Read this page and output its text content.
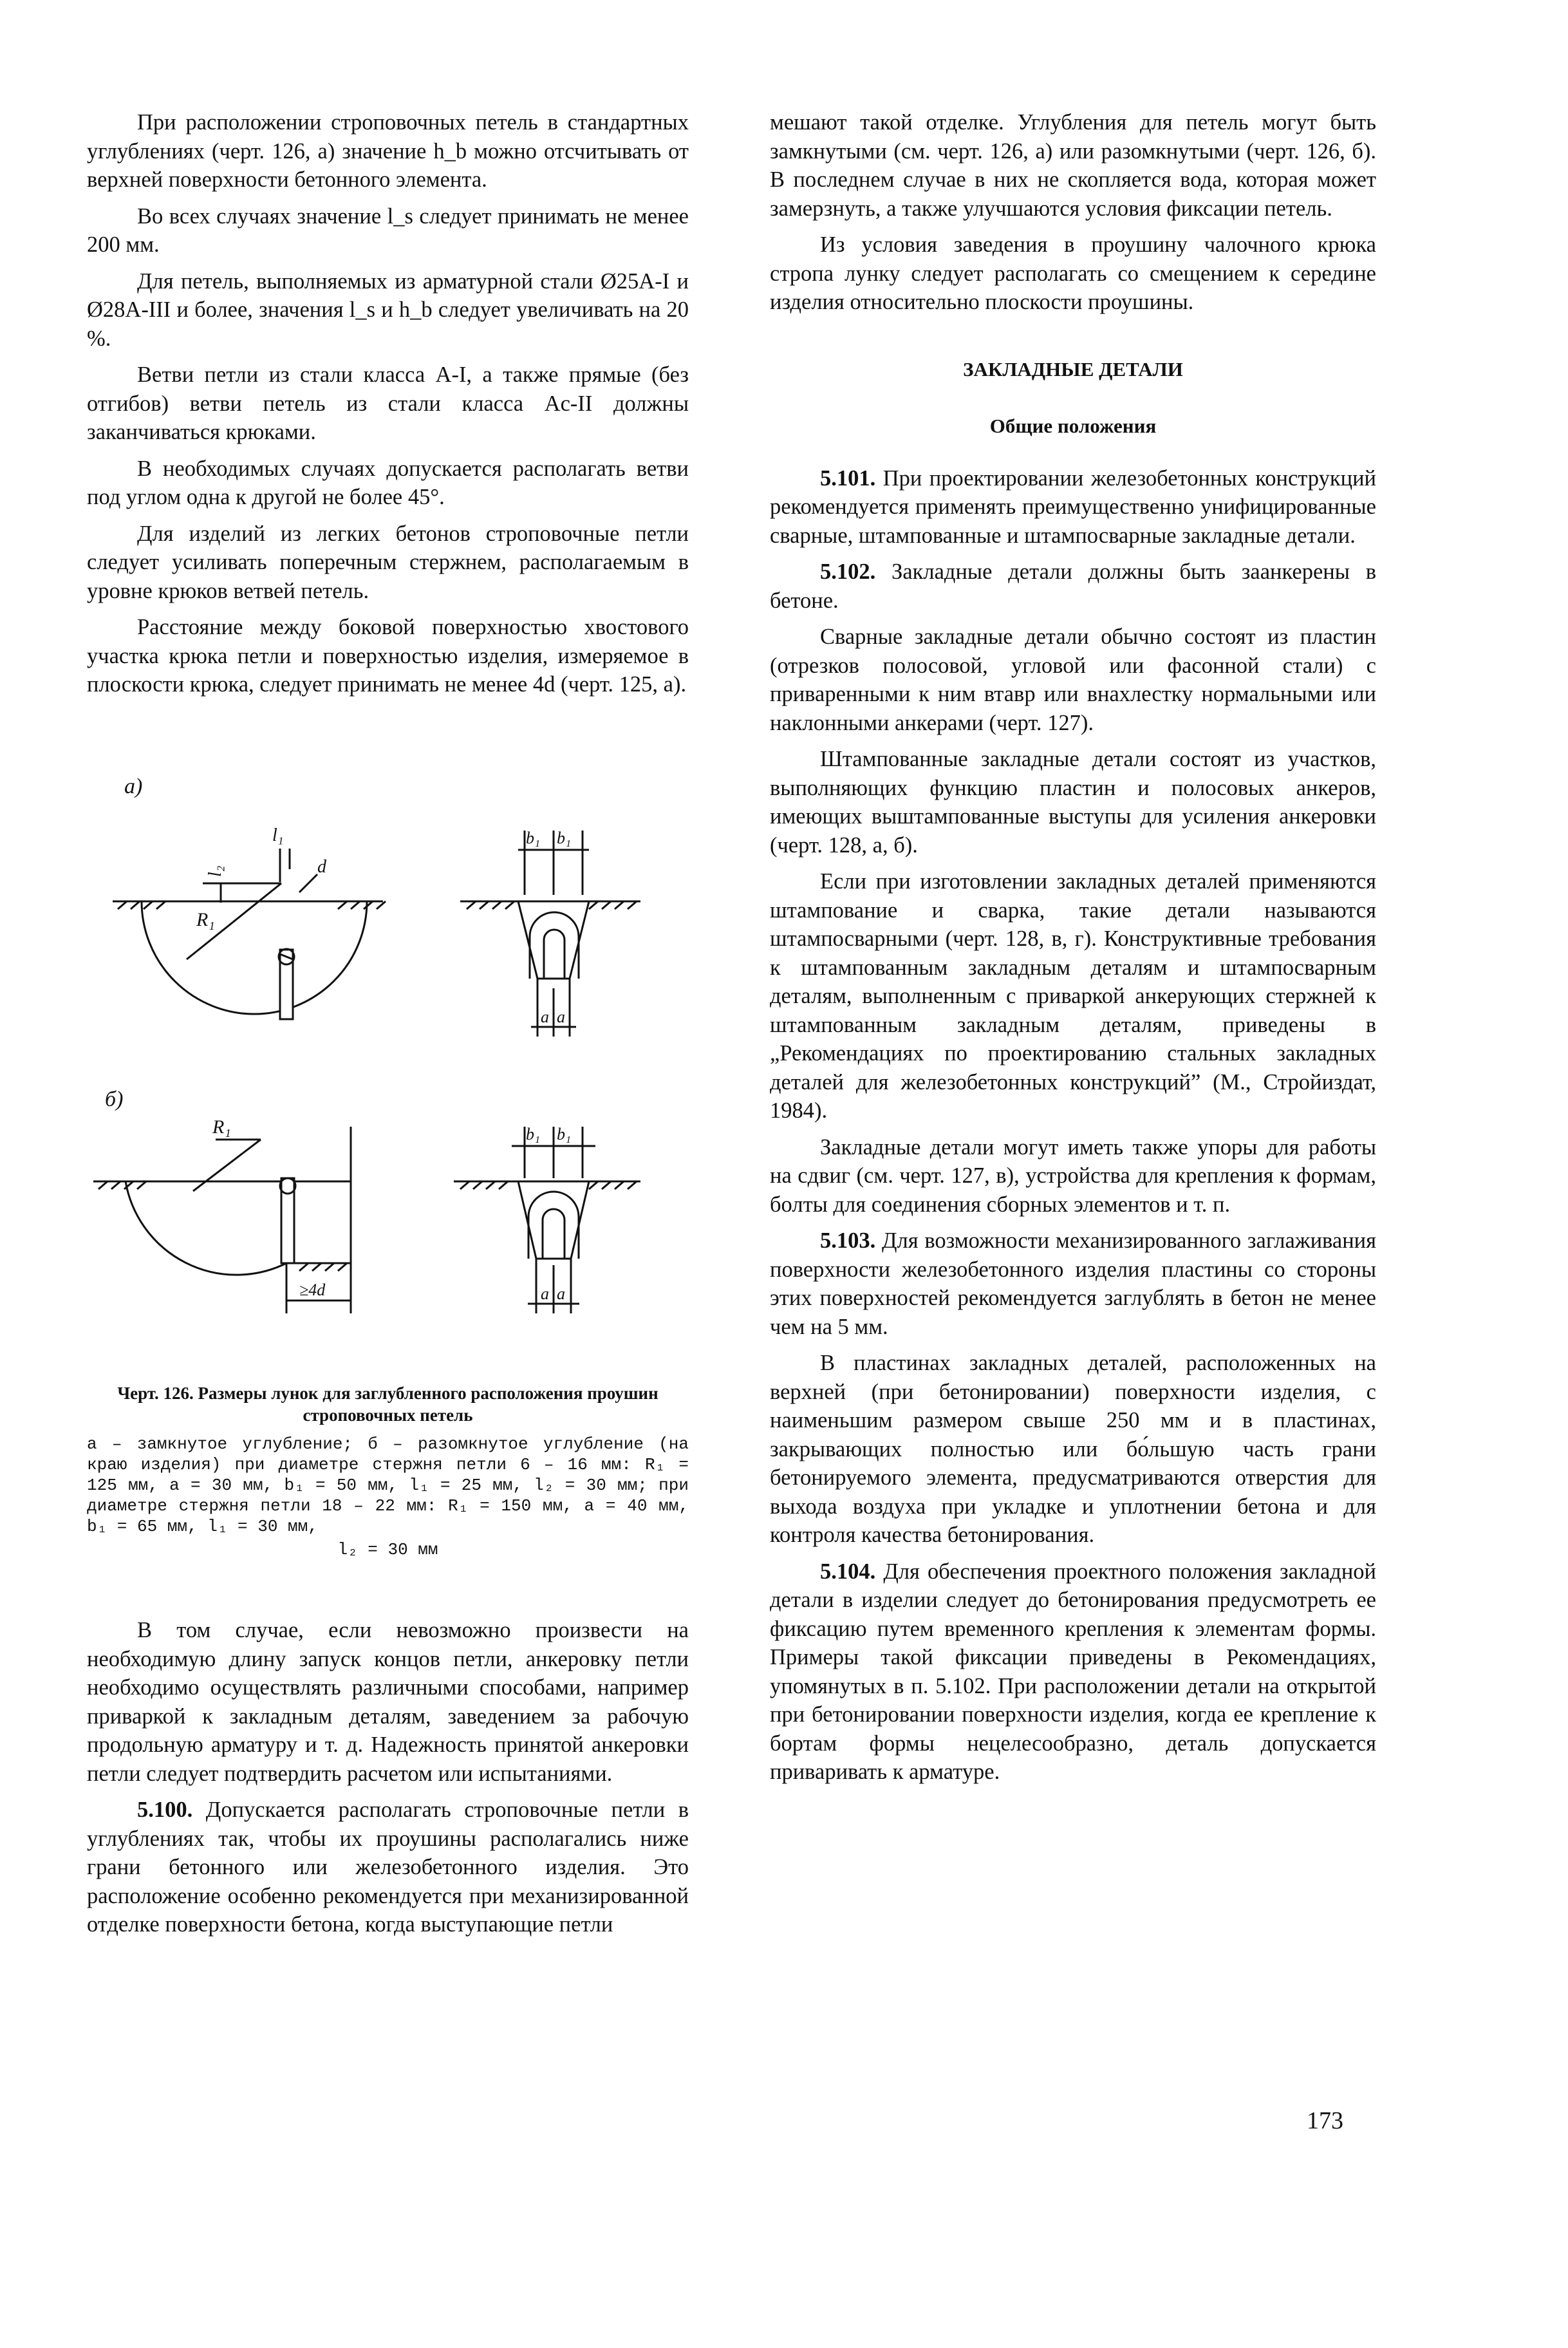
При расположении строповочных петель в стандартных углублениях (черт. 126, а) значение h_b можно отсчитывать от верхней поверхности бетонного элемента.

Во всех случаях значение l_s следует принимать не менее 200 мм.

Для петель, выполняемых из арматурной стали Ø25A-I и Ø28A-III и более, значения l_s и h_b следует увеличивать на 20 %.

Ветви петли из стали класса A-I, а также прямые (без отгибов) ветви петель из стали класса Ac-II должны заканчиваться крюками.

В необходимых случаях допускается располагать ветви под углом одна к другой не более 45°.

Для изделий из легких бетонов строповочные петли следует усиливать поперечным стержнем, располагаемым в уровне крюков ветвей петель.

Расстояние между боковой поверхностью хвостового участка крюка петли и поверхностью изделия, измеряемое в плоскости крюка, следует принимать не менее 4d (черт. 125, а).

а)
R₁
l₂
l₁
d
b₁ b₁
a a
б)
R₁
≥4d
b₁ b₁
a a

Черт. 126. Размеры лунок для заглубленного расположения проушин строповочных петель

а – замкнутое углубление; б – разомкнутое углубление (на краю изделия) при диаметре стержня петли 6 – 16 мм: R₁ = 125 мм, a = 30 мм, b₁ = 50 мм, l₁ = 25 мм, l₂ = 30 мм; при диаметре стержня петли 18 – 22 мм: R₁ = 150 мм, a = 40 мм, b₁ = 65 мм, l₁ = 30 мм,

l₂ = 30 мм

В том случае, если невозможно произвести на необходимую длину запуск концов петли, анкеровку петли необходимо осуществлять различными способами, например приваркой к закладным деталям, заведением за рабочую продольную арматуру и т. д. Надежность принятой анкеровки петли следует подтвердить расчетом или испытаниями.

5.100. Допускается располагать строповочные петли в углублениях так, чтобы их проушины располагались ниже грани бетонного или железобетонного изделия. Это расположение особенно рекомендуется при механизированной отделке поверхности бетона, когда выступающие петли

мешают такой отделке. Углубления для петель могут быть замкнутыми (см. черт. 126, а) или разомкнутыми (черт. 126, б). В последнем случае в них не скопляется вода, которая может замерзнуть, а также улучшаются условия фиксации петель.

Из условия заведения в проушину чалочного крюка стропа лунку следует располагать со смещением к середине изделия относительно плоскости проушины.

ЗАКЛАДНЫЕ ДЕТАЛИ

Общие положения

5.101. При проектировании железобетонных конструкций рекомендуется применять преимущественно унифицированные сварные, штампованные и штампосварные закладные детали.

5.102. Закладные детали должны быть заанкерены в бетоне.

Сварные закладные детали обычно состоят из пластин (отрезков полосовой, угловой или фасонной стали) с приваренными к ним втавр или внахлестку нормальными или наклонными анкерами (черт. 127).

Штампованные закладные детали состоят из участков, выполняющих функцию пластин и полосовых анкеров, имеющих выштампованные выступы для усиления анкеровки (черт. 128, а, б).

Если при изготовлении закладных деталей применяются штампование и сварка, такие детали называются штампосварными (черт. 128, в, г). Конструктивные требования к штампованным закладным деталям и штампосварным деталям, выполненным с приваркой анкерующих стержней к штампованным закладным деталям, приведены в „Рекомендациях по проектированию стальных закладных деталей для железобетонных конструкций” (М., Стройиздат, 1984).

Закладные детали могут иметь также упоры для работы на сдвиг (см. черт. 127, в), устройства для крепления к формам, болты для соединения сборных элементов и т. п.

5.103. Для возможности механизированного заглаживания поверхности железобетонного изделия пластины со стороны этих поверхностей рекомендуется заглублять в бетон не менее чем на 5 мм.

В пластинах закладных деталей, расположенных на верхней (при бетонировании) поверхности изделия, с наименьшим размером свыше 250 мм и в пластинах, закрывающих полностью или бо́льшую часть грани бетонируемого элемента, предусматриваются отверстия для выхода воздуха при укладке и уплотнении бетона и для контроля качества бетонирования.

5.104. Для обеспечения проектного положения закладной детали в изделии следует до бетонирования предусмотреть ее фиксацию путем временного крепления к элементам формы. Примеры такой фиксации приведены в Рекомендациях, упомянутых в п. 5.102. При расположении детали на открытой при бетонировании поверхности изделия, когда ее крепление к бортам формы нецелесообразно, деталь допускается приваривать к арматуре.

173
